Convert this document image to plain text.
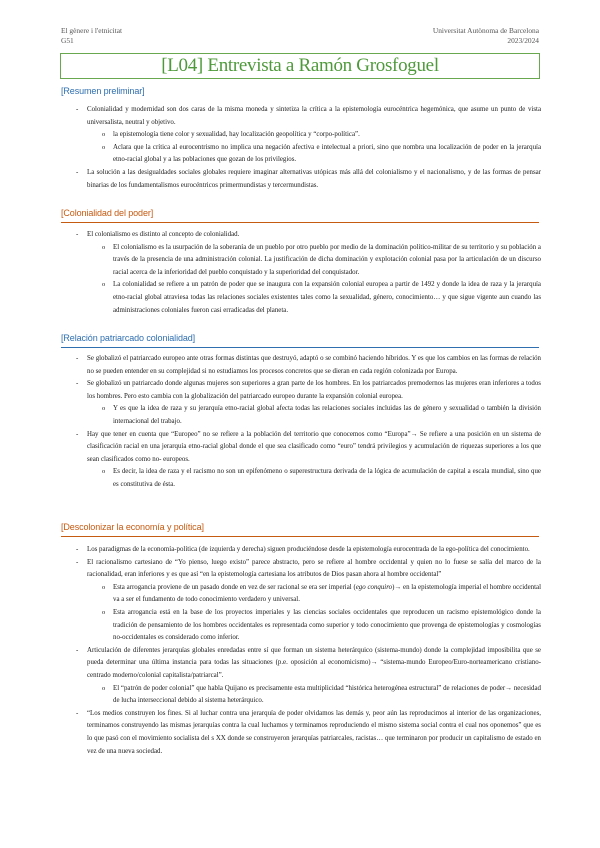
El gènere i l'etnicitat
G51
Universitat Autònoma de Barcelona
2023/2024
[L04] Entrevista a Ramón Grosfoguel
[Resumen preliminar]
- Colonialidad y modernidad son dos caras de la misma moneda y sintetiza la crítica a la epistemología eurocéntrica hegemónica, que asume un punto de vista universalista, neutral y objetivo.
o la epistemología tiene color y sexualidad, hay localización geopolítica y “corpo-política”.
o Aclara que la crítica al eurocentrismo no implica una negación afectiva e intelectual a priori, sino que nombra una localización de poder en la jerarquía etno-racial global y a las poblaciones que gozan de los privilegios.
- La solución a las desigualdades sociales globales requiere imaginar alternativas utópicas más allá del colonialismo y el nacionalismo, y de las formas de pensar binarias de los fundamentalismos eurocéntricos primermundistas y tercermundistas.
[Colonialidad del poder]
- El colonialismo es distinto al concepto de colonialidad.
o El colonialismo es la usurpación de la soberanía de un pueblo por otro pueblo por medio de la dominación político-militar de su territorio y su población a través de la presencia de una administración colonial. La justificación de dicha dominación y explotación colonial pasa por la articulación de un discurso racial acerca de la inferioridad del pueblo conquistado y la superioridad del conquistador.
o La colonialidad se refiere a un patrón de poder que se inaugura con la expansión colonial europea a partir de 1492 y donde la idea de raza y la jerarquía etno-racial global atraviesa todas las relaciones sociales existentes tales como la sexualidad, género, conocimiento… y que sigue vigente aun cuando las administraciones coloniales fueron casi erradicadas del planeta.
[Relación patriarcado colonialidad]
- Se globalizó el patriarcado europeo ante otras formas distintas que destruyó, adaptó o se combinó haciendo híbridos. Y es que los cambios en las formas de relación no se pueden entender en su complejidad si no estudiamos los procesos concretos que se dieran en cada región colonizada por Europa.
- Se globalizó un patriarcado donde algunas mujeres son superiores a gran parte de los hombres. En los patriarcados premodernos las mujeres eran inferiores a todos los hombres. Pero esto cambia con la globalización del patriarcado europeo durante la expansión colonial europea.
o Y es que la idea de raza y su jerarquía etno-racial global afecta todas las relaciones sociales incluidas las de género y sexualidad o también la división internacional del trabajo.
- Hay que tener en cuenta que “Europeo” no se refiere a la población del territorio que conocemos como “Europa”→ Se refiere a una posición en un sistema de clasificación racial en una jerarquía etno-racial global donde el que sea clasificado como “euro” tendrá privilegios y acumulación de riquezas superiores a los que sean clasificados como no- europeos.
o Es decir, la idea de raza y el racismo no son un epifenómeno o superestructura derivada de la lógica de acumulación de capital a escala mundial, sino que es constitutiva de ésta.
[Descolonizar la economía y política]
- Los paradigmas de la economía-política (de izquierda y derecha) siguen produciéndose desde la epistemología eurocentrada de la ego-política del conocimiento.
- El racionalismo cartesiano de “Yo pienso, luego existo” parece abstracto, pero se refiere al hombre occidental y quien no lo fuese se salía del marco de la racionalidad, eran inferiores y es que así “en la epistemología cartesiana los atributos de Dios pasan ahora al hombre occidental”
o Esta arrogancia proviene de un pasado donde en vez de ser racional se era ser imperial (ego conquiro)→ en la epistemología imperial el hombre occidental va a ser el fundamento de todo conocimiento verdadero y universal.
o Esta arrogancia está en la base de los proyectos imperiales y las ciencias sociales occidentales que reproducen un racismo epistemológico donde la tradición de pensamiento de los hombres occidentales es representada como superior y todo conocimiento que provenga de epistemologías y cosmologías no-occidentales es considerado como inferior.
- Articulación de diferentes jerarquías globales enredadas entre sí que forman un sistema heterárquico (sistema-mundo) donde la complejidad imposibilita que se pueda determinar una última instancia para todas las situaciones (p.e. oposición al economicismo)→ “sistema-mundo Europeo/Euro-norteamericano cristiano-centrado moderno/colonial capitalista/patriarcal”.
o El “patrón de poder colonial” que habla Quijano es precisamente esta multiplicidad “histórica heterogénea estructural” de relaciones de poder→ necesidad de lucha interseccional debido al sistema heterárquico.
- “Los medios construyen los fines. Si al luchar contra una jerarquía de poder olvidamos las demás y, peor aún las reproducimos al interior de las organizaciones, terminamos construyendo las mismas jerarquías contra la cual luchamos y terminamos reproduciendo el mismo sistema social contra el cual nos oponemos” que es lo que pasó con el movimiento socialista del s XX donde se construyeron jerarquías patriarcales, racistas… que terminaron por producir un capitalismo de estado en vez de una nueva sociedad.
